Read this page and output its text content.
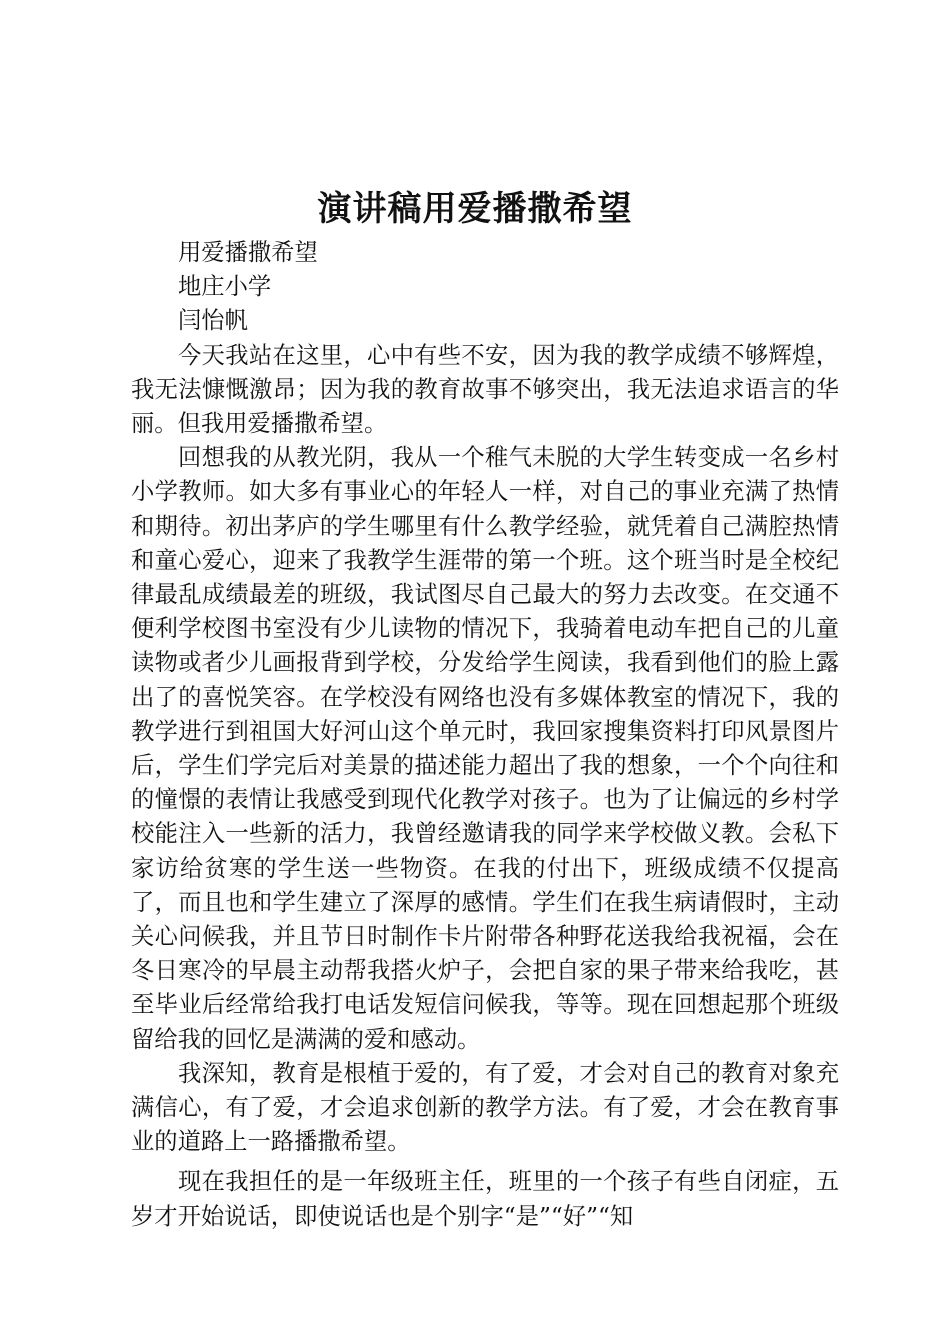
演讲稿用爱播撒希望

用爱播撒希望

地庄小学

闫怡帆

今天我站在这里，心中有些不安，因为我的教学成绩不够辉煌，我无法慷慨激昂；因为我的教育故事不够突出，我无法追求语言的华丽。但我用爱播撒希望。

回想我的从教光阴，我从一个稚气未脱的大学生转变成一名乡村小学教师。如大多有事业心的年轻人一样，对自己的事业充满了热情和期待。初出茅庐的学生哪里有什么教学经验，就凭着自己满腔热情和童心爱心，迎来了我教学生涯带的第一个班。这个班当时是全校纪律最乱成绩最差的班级，我试图尽自己最大的努力去改变。在交通不便利学校图书室没有少儿读物的情况下，我骑着电动车把自己的儿童读物或者少儿画报背到学校，分发给学生阅读，我看到他们的脸上露出了的喜悦笑容。在学校没有网络也没有多媒体教室的情况下，我的教学进行到祖国大好河山这个单元时，我回家搜集资料打印风景图片后，学生们学完后对美景的描述能力超出了我的想象，一个个向往和的憧憬的表情让我感受到现代化教学对孩子。也为了让偏远的乡村学校能注入一些新的活力，我曾经邀请我的同学来学校做义教。会私下家访给贫寒的学生送一些物资。在我的付出下，班级成绩不仅提高了，而且也和学生建立了深厚的感情。学生们在我生病请假时，主动关心问候我，并且节日时制作卡片附带各种野花送我给我祝福，会在冬日寒冷的早晨主动帮我搭火炉子，会把自家的果子带来给我吃，甚至毕业后经常给我打电话发短信问候我，等等。现在回想起那个班级留给我的回忆是满满的爱和感动。

我深知，教育是根植于爱的，有了爱，才会对自己的教育对象充满信心，有了爱，才会追求创新的教学方法。有了爱，才会在教育事业的道路上一路播撒希望。

现在我担任的是一年级班主任，班里的一个孩子有些自闭症，五岁才开始说话，即使说话也是个别字“是”“好”“知
